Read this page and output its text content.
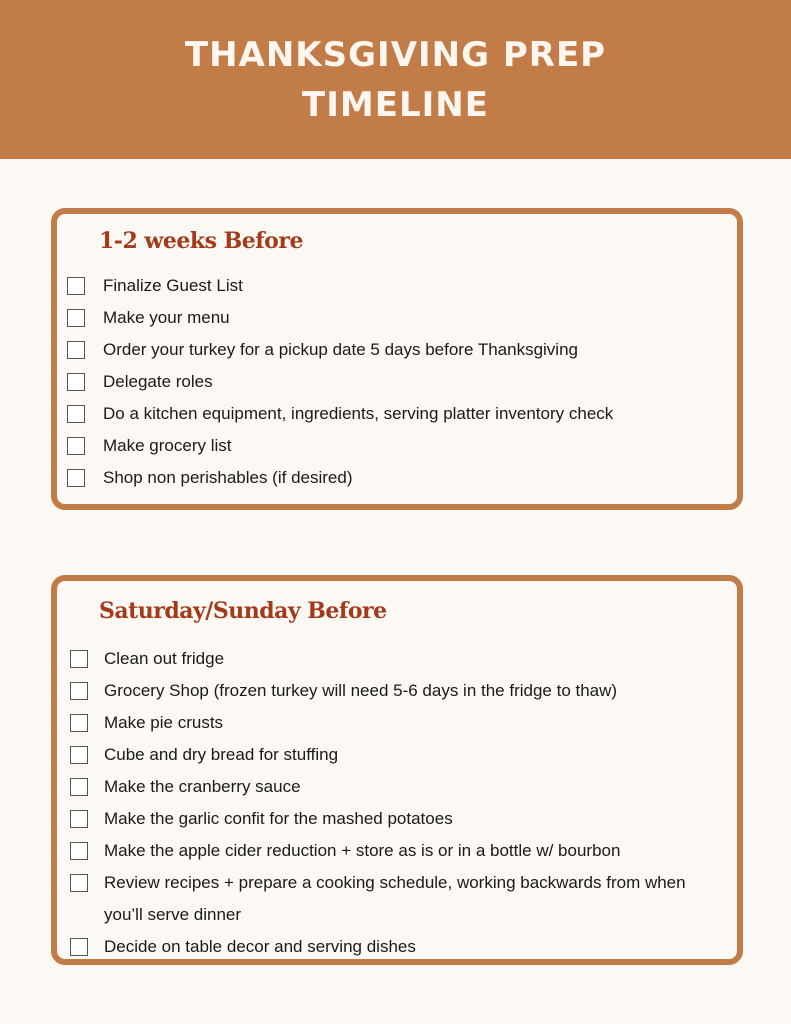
THANKSGIVING PREP TIMELINE
1-2 weeks Before
Finalize Guest List
Make your menu
Order your turkey for a pickup date 5 days before Thanksgiving
Delegate roles
Do a kitchen equipment, ingredients, serving platter inventory check
Make grocery list
Shop non perishables (if desired)
Saturday/Sunday Before
Clean out fridge
Grocery Shop (frozen turkey will need 5-6 days in the fridge to thaw)
Make pie crusts
Cube and dry bread for stuffing
Make the cranberry sauce
Make the garlic confit for the mashed potatoes
Make the apple cider reduction + store as is or in a bottle w/ bourbon
Review recipes + prepare a cooking schedule, working backwards from when you’ll serve dinner
Decide on table decor and serving dishes
